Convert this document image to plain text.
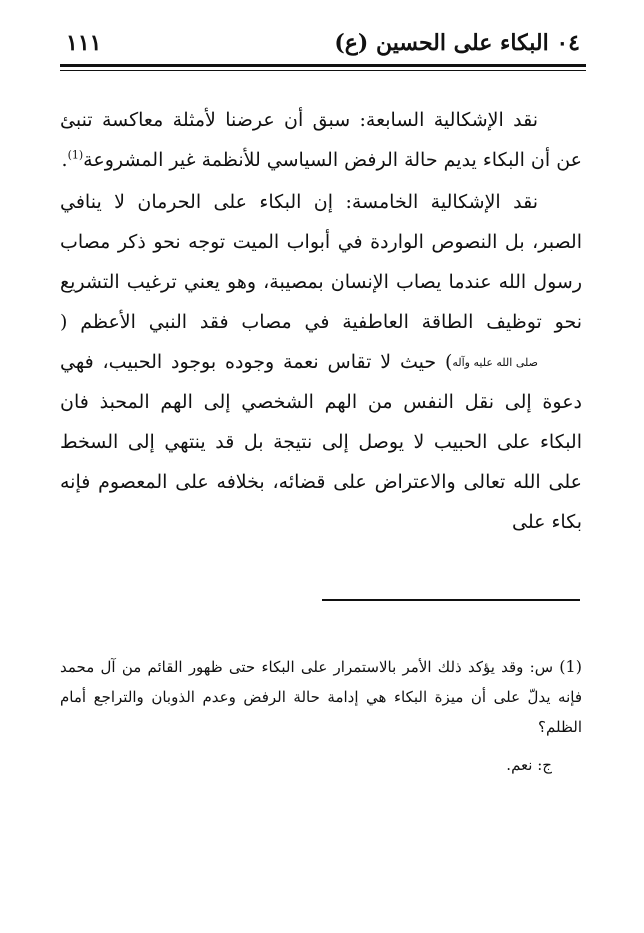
٠٤ البكاء على الحسين (ع)
١١١

نقد الإشكالية السابعة: سبق أن عرضنا لأمثلة معاكسة تنبئ عن أن البكاء يديم حالة الرفض السياسي للأنظمة غير المشروعة$^{(1)}$.

نقد الإشكالية الخامسة: إن البكاء على الحرمان لا ينافي الصبر، بل النصوص الواردة في أبواب الميت توجه نحو ذكر مصاب رسول الله عندما يصاب الإنسان بمصيبة، وهو يعني ترغيب التشريع نحو توظيف الطاقة العاطفية في مصاب فقد النبي الأعظم (صلى الله عليه وآله) حيث لا تقاس نعمة وجوده بوجود الحبيب، فهي دعوة إلى نقل النفس من الهم الشخصي إلى الهم المحبذ فان البكاء على الحبيب لا يوصل إلى نتيجة بل قد ينتهي إلى السخط على الله تعالى والاعتراض على قضائه، بخلافه على المعصوم فإنه بكاء على

(1) س: وقد يؤكد ذلك الأمر بالاستمرار على البكاء حتى ظهور القائم من آل محمد فإنه يدلّ على أن ميزة البكاء هي إدامة حالة الرفض وعدم الذوبان والتراجع أمام الظلم؟

ج: نعم.
